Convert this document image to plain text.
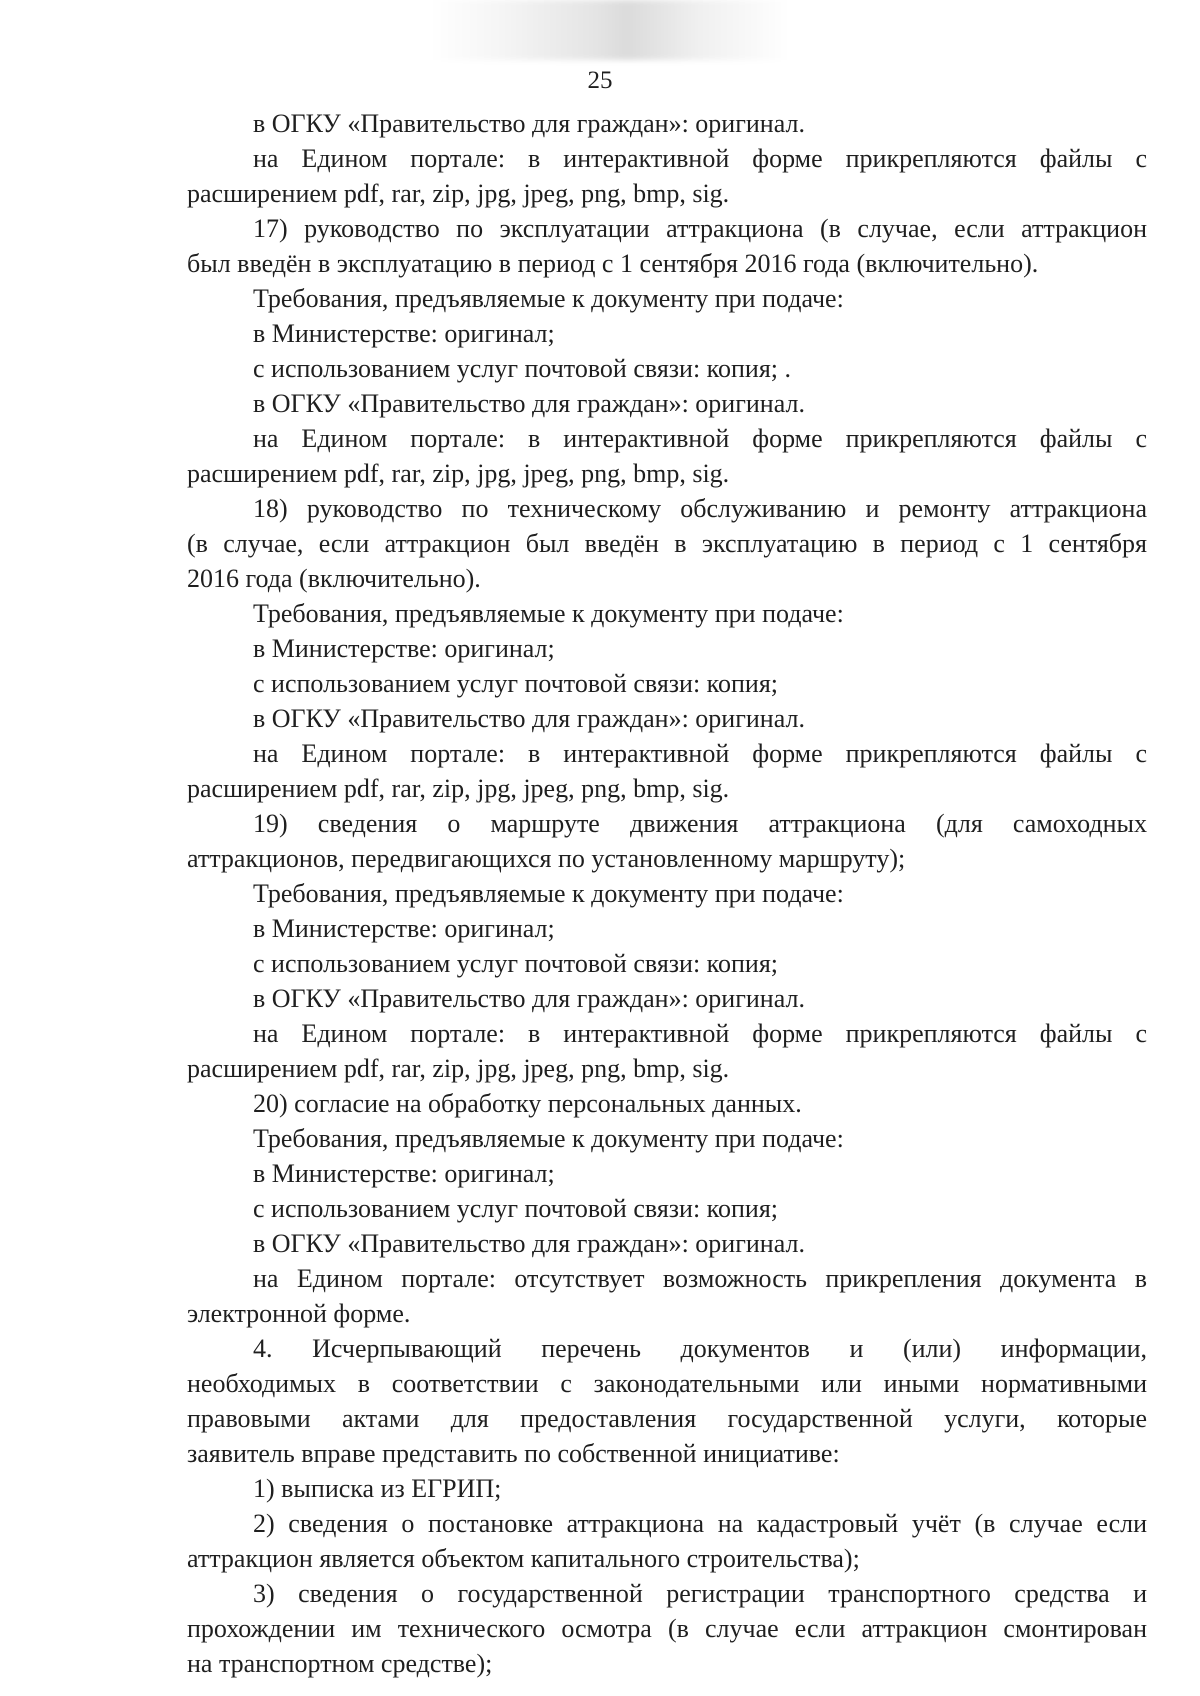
25
в ОГКУ «Правительство для граждан»: оригинал.
на Едином портале: в интерактивной форме прикрепляются файлы с
расширением pdf, rar, zip, jpg, jpeg, png, bmp, sig.
17) руководство по эксплуатации аттракциона (в случае, если аттракцион
был введён в эксплуатацию в период с 1 сентября 2016 года (включительно).
Требования, предъявляемые к документу при подаче:
в Министерстве: оригинал;
с использованием услуг почтовой связи: копия; .
в ОГКУ «Правительство для граждан»: оригинал.
на Едином портале: в интерактивной форме прикрепляются файлы с
расширением pdf, rar, zip, jpg, jpeg, png, bmp, sig.
18) руководство по техническому обслуживанию и ремонту аттракциона
(в случае, если аттракцион был введён в эксплуатацию в период с 1 сентября
2016 года (включительно).
Требования, предъявляемые к документу при подаче:
в Министерстве: оригинал;
с использованием услуг почтовой связи: копия;
в ОГКУ «Правительство для граждан»: оригинал.
на Едином портале: в интерактивной форме прикрепляются файлы с
расширением pdf, rar, zip, jpg, jpeg, png, bmp, sig.
19) сведения о маршруте движения аттракциона (для самоходных
аттракционов, передвигающихся по установленному маршруту);
Требования, предъявляемые к документу при подаче:
в Министерстве: оригинал;
с использованием услуг почтовой связи: копия;
в ОГКУ «Правительство для граждан»: оригинал.
на Едином портале: в интерактивной форме прикрепляются файлы с
расширением pdf, rar, zip, jpg, jpeg, png, bmp, sig.
20) согласие на обработку персональных данных.
Требования, предъявляемые к документу при подаче:
в Министерстве: оригинал;
с использованием услуг почтовой связи: копия;
в ОГКУ «Правительство для граждан»: оригинал.
на Едином портале: отсутствует возможность прикрепления документа в
электронной форме.
4. Исчерпывающий перечень документов и (или) информации,
необходимых в соответствии с законодательными или иными нормативными
правовыми актами для предоставления государственной услуги, которые
заявитель вправе представить по собственной инициативе:
1) выписка из ЕГРИП;
2) сведения о постановке аттракциона на кадастровый учёт (в случае если
аттракцион является объектом капитального строительства);
3) сведения о государственной регистрации транспортного средства и
прохождении им технического осмотра (в случае если аттракцион смонтирован
на транспортном средстве);
